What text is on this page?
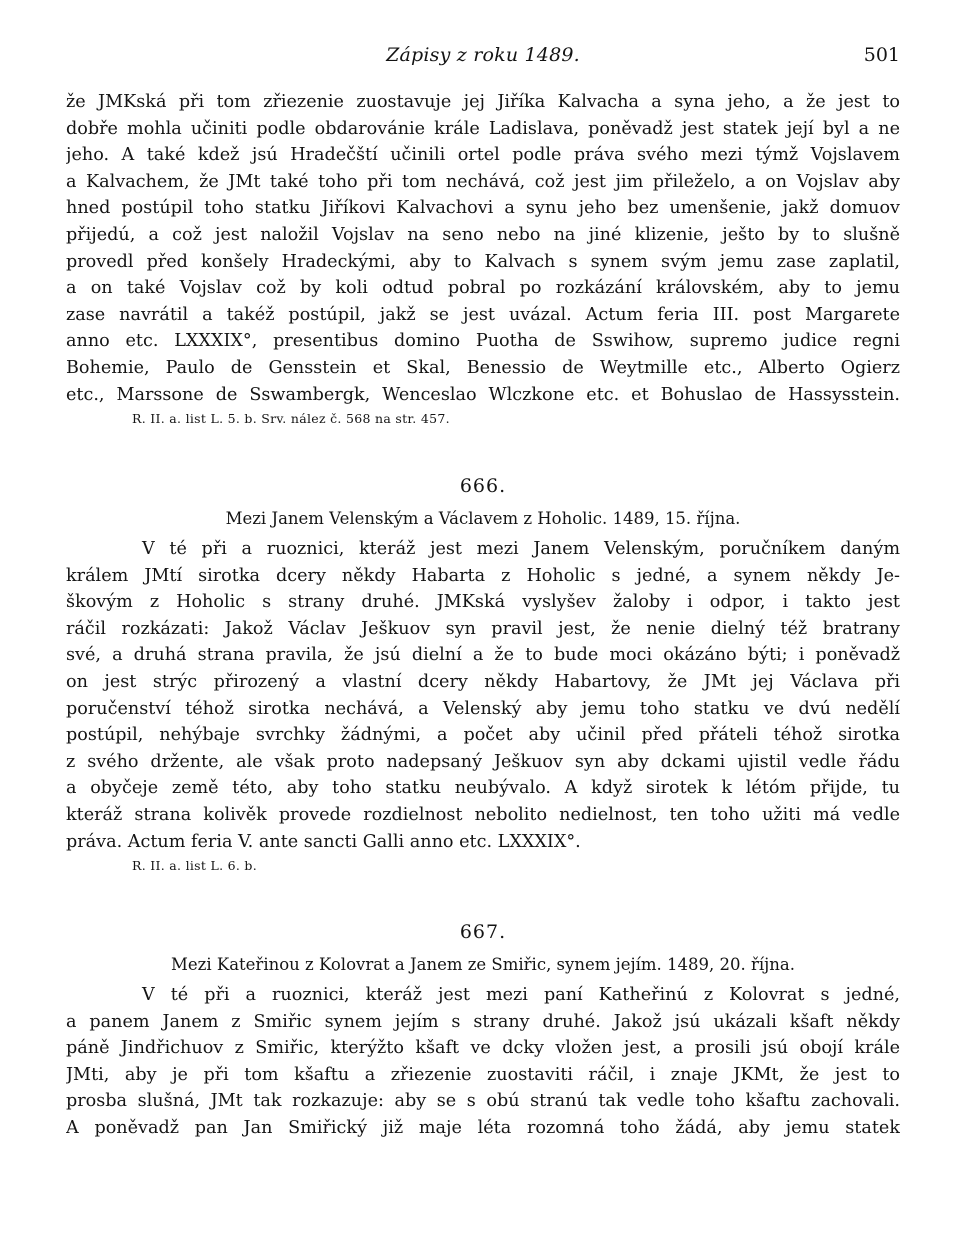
Zápisy z roku 1489.	501
že JMKská při tom zřiezenie zuostavuje jej Jiříka Kalvacha a syna jeho, a že jest to
dobře mohla učiniti podle obdarovánie krále Ladislava, poněvadž jest statek její byl a ne
jeho. A také kdež jsú Hradečští učinili ortel podle práva svého mezi týmž Vojslavem
a Kalvachem, že JMt také toho při tom nechává, což jest jim přileželo, a on Vojslav aby
hned postúpil toho statku Jiříkovi Kalvachovi a synu jeho bez umenšenie, jakž domuov
přijedú, a což jest naložil Vojslav na seno nebo na jiné klizenie, ješto by to slušně
provedl před konšely Hradeckými, aby to Kalvach s synem svým jemu zase zaplatil,
a on také Vojslav což by koli odtud pobral po rozkázání královském, aby to jemu
zase navrátil a takéž postúpil, jakž se jest uvázal. Actum feria III. post Margarete
anno etc. LXXXIX°, presentibus domino Puotha de Sswihow, supremo judice regni
Bohemie, Paulo de Gensstein et Skal, Benessio de Weytmille etc., Alberto Ogierz
etc., Marssone de Sswambergk, Wenceslao Wlczkone etc. et Bohuslao de Hassysstein.
R. II. a. list L. 5. b. Srv. nález č. 568 na str. 457.
666.
Mezi Janem Velenským a Václavem z Hoholic. 1489, 15. října.
V té při a ruoznici, kteráž jest mezi Janem Velenským, poručníkem daným
králem JMtí sirotka dcery někdy Habarta z Hoholic s jedné, a synem někdy Je-
škovým z Hoholic s strany druhé. JMKská vyslyšev žaloby i odpor, i takto jest
ráčil rozkázati: Jakož Václav Ješkuov syn pravil jest, že nenie dielný též bratrany
své, a druhá strana pravila, že jsú dielní a že to bude moci okázáno býti; i poněvadž
on jest strýc přirozený a vlastní dcery někdy Habartovy, že JMt jej Václava při
poručenství téhož sirotka nechává, a Velenský aby jemu toho statku ve dvú nedělí
postúpil, nehýbaje svrchky žádnými, a počet aby učinil před přáteli téhož sirotka
z svého držente, ale však proto nadepsaný Ješkuov syn aby dckami ujistil vedle řádu
a obyčeje země této, aby toho statku neubývalo. A když sirotek k létóm přijde, tu
kteráž strana kolivěk provede rozdielnost nebolito nedielnost, ten toho užiti má vedle
práva. Actum feria V. ante sancti Galli anno etc. LXXXIX°.
R. II. a. list L. 6. b.
667.
Mezi Kateřinou z Kolovrat a Janem ze Smiřic, synem jejím. 1489, 20. října.
V té při a ruoznici, kteráž jest mezi paní Katheřinú z Kolovrat s jedné,
a panem Janem z Smiřic synem jejím s strany druhé. Jakož jsú ukázali kšaft někdy
páně Jindřichuov z Smiřic, kterýžto kšaft ve dcky vložen jest, a prosili jsú obojí krále
JMti, aby je při tom kšaftu a zřiezenie zuostaviti ráčil, i znaje JKMt, že jest to
prosba slušná, JMt tak rozkazuje: aby se s obú stranú tak vedle toho kšaftu zachovali.
A poněvadž pan Jan Smiřický již maje léta rozomná toho žádá, aby jemu statek
